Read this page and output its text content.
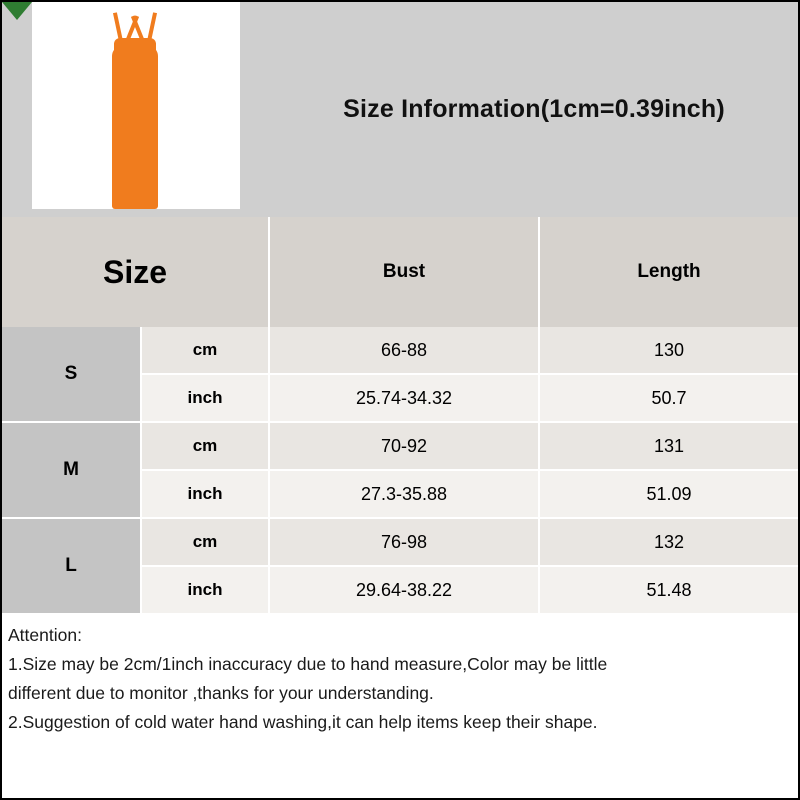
Size Information(1cm=0.39inch)
Size	Bust	Length
S
cm	66-88	130
inch	25.74-34.32	50.7
M
cm	70-92	131
inch	27.3-35.88	51.09
L
cm	76-98	132
inch	29.64-38.22	51.48
Attention:
1.Size may be 2cm/1inch inaccuracy due to hand measure,Color may be little
different due to monitor ,thanks for your understanding.
2.Suggestion of cold water hand washing,it can help items keep their shape.
